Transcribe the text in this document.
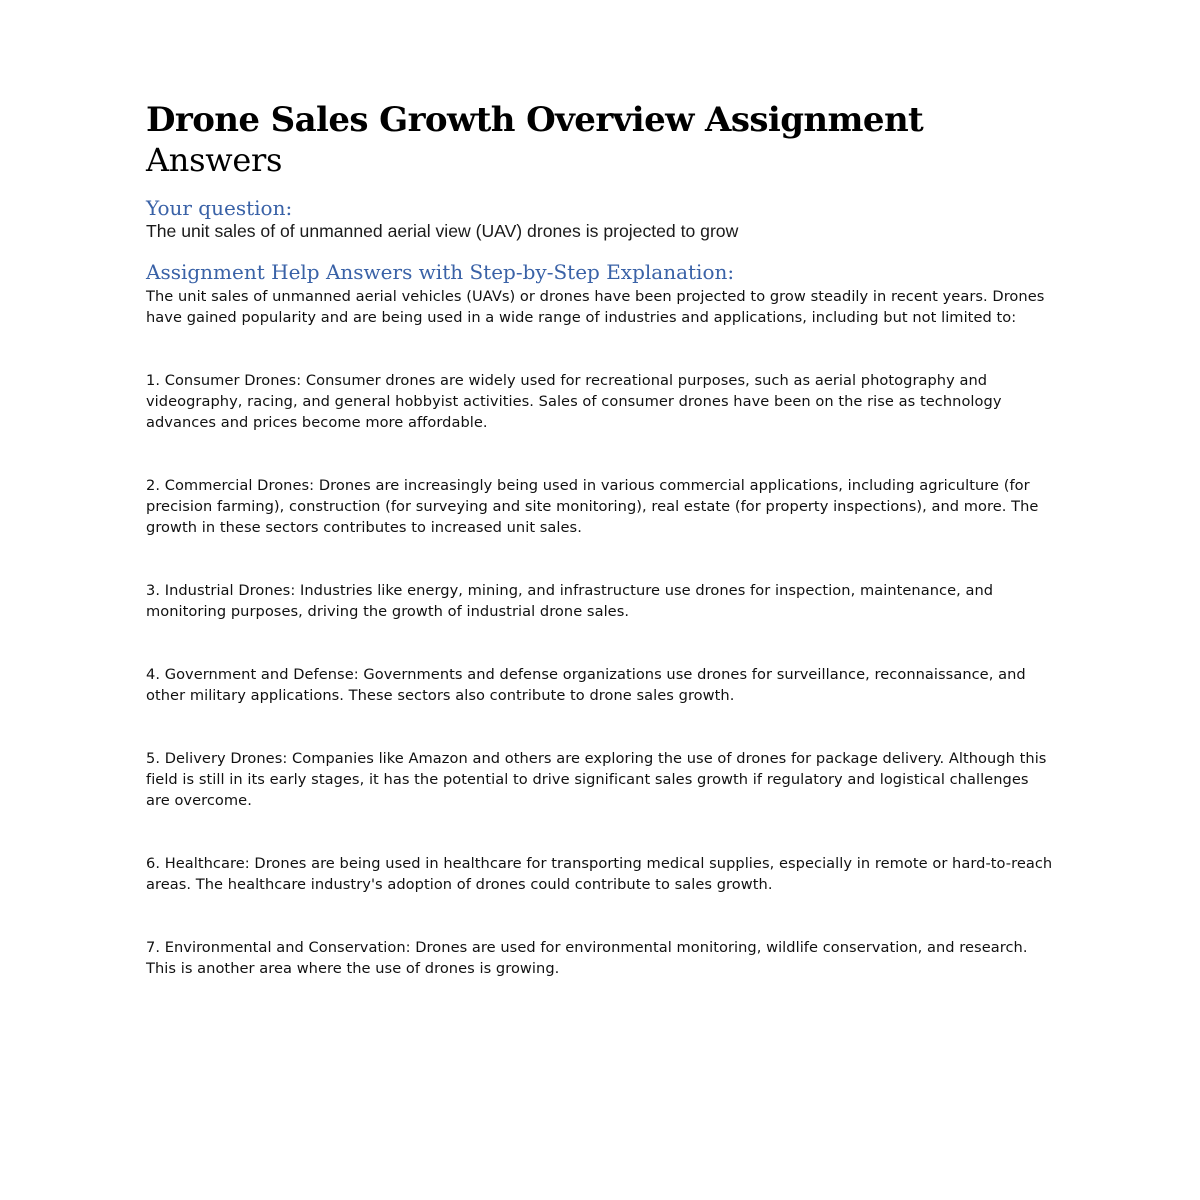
Drone Sales Growth Overview Assignment
Answers
Your question:

The unit sales of of unmanned aerial view (UAV) drones is projected to grow

Assignment Help Answers with Step-by-Step Explanation:

The unit sales of unmanned aerial vehicles (UAVs) or drones have been projected to grow steadily in recent years. Drones have gained popularity and are being used in a wide range of industries and applications, including but not limited to:

1. Consumer Drones: Consumer drones are widely used for recreational purposes, such as aerial photography and videography, racing, and general hobbyist activities. Sales of consumer drones have been on the rise as technology advances and prices become more affordable.
2. Commercial Drones: Drones are increasingly being used in various commercial applications, including agriculture (for precision farming), construction (for surveying and site monitoring), real estate (for property inspections), and more. The growth in these sectors contributes to increased unit sales.
3. Industrial Drones: Industries like energy, mining, and infrastructure use drones for inspection, maintenance, and monitoring purposes, driving the growth of industrial drone sales.
4. Government and Defense: Governments and defense organizations use drones for surveillance, reconnaissance, and other military applications. These sectors also contribute to drone sales growth.
5. Delivery Drones: Companies like Amazon and others are exploring the use of drones for package delivery. Although this field is still in its early stages, it has the potential to drive significant sales growth if regulatory and logistical challenges are overcome.
6. Healthcare: Drones are being used in healthcare for transporting medical supplies, especially in remote or hard-to-reach areas. The healthcare industry's adoption of drones could contribute to sales growth.
7. Environmental and Conservation: Drones are used for environmental monitoring, wildlife conservation, and research. This is another area where the use of drones is growing.
